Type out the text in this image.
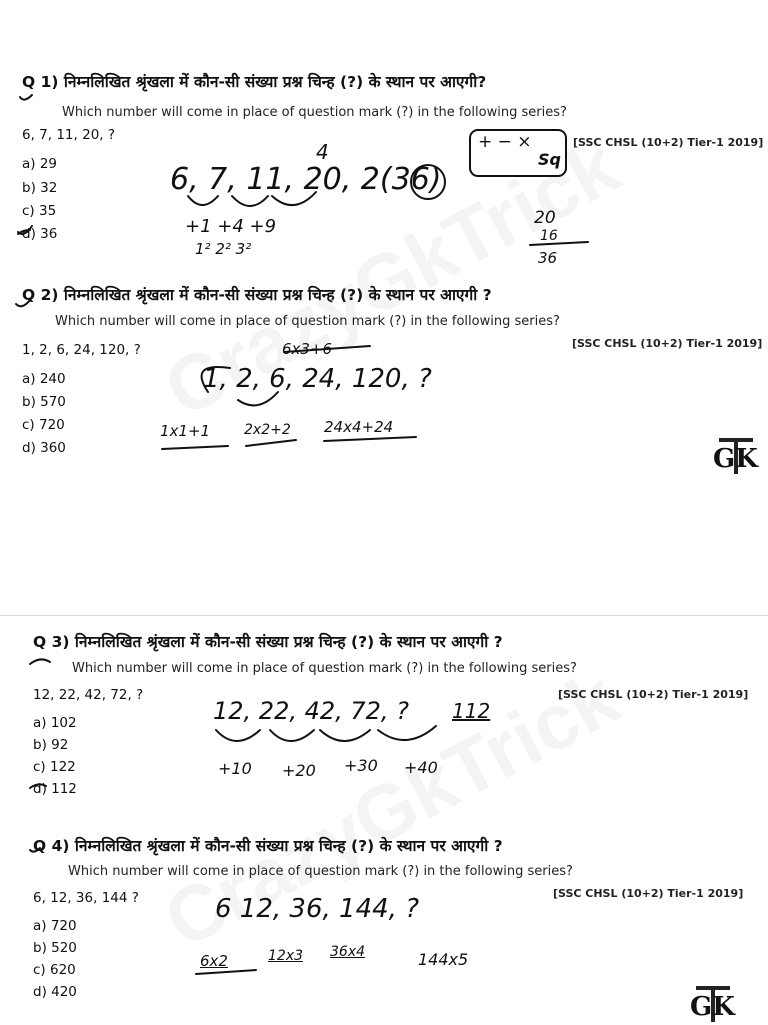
Q 1) निम्नलिखित श्रृंखला में कौन-सी संख्या प्रश्न चिन्ह (?) के स्थान पर आएगी?
Which number will come in place of question mark (?) in the following series?
6, 7, 11, 20, ?	[SSC CHSL (10+2) Tier-1 2019]
a) 29
b) 32
c) 35
d) 36
6, 7, 11, 20, 2(36)
+1 +4 +9
1² 2² 3²
4	+ − ×
Sq
20
16
36
Q 2) निम्नलिखित श्रृंखला में कौन-सी संख्या प्रश्न चिन्ह (?) के स्थान पर आएगी ?
Which number will come in place of question mark (?) in the following series?
1, 2, 6, 24, 120, ?	[SSC CHSL (10+2) Tier-1 2019]
a) 240
b) 570
c) 720
d) 360
6x3+6
1, 2, 6, 24, 120, ?
1x1+1 2x2+2 24x4+24
GK
Q 3) निम्नलिखित श्रृंखला में कौन-सी संख्या प्रश्न चिन्ह (?) के स्थान पर आएगी ?
Which number will come in place of question mark (?) in the following series?
12, 22, 42, 72, ?	[SSC CHSL (10+2) Tier-1 2019]
a) 102
b) 92
c) 122
d) 112
12, 22, 42, 72, ? 112
+10 +20 +30 +40
Q 4) निम्नलिखित श्रृंखला में कौन-सी संख्या प्रश्न चिन्ह (?) के स्थान पर आएगी ?
Which number will come in place of question mark (?) in the following series?
6, 12, 36, 144 ?	[SSC CHSL (10+2) Tier-1 2019]
a) 720
b) 520
c) 620
d) 420
6 12, 36, 144, ?
6x2	12x3 36x4	144x5
GK
